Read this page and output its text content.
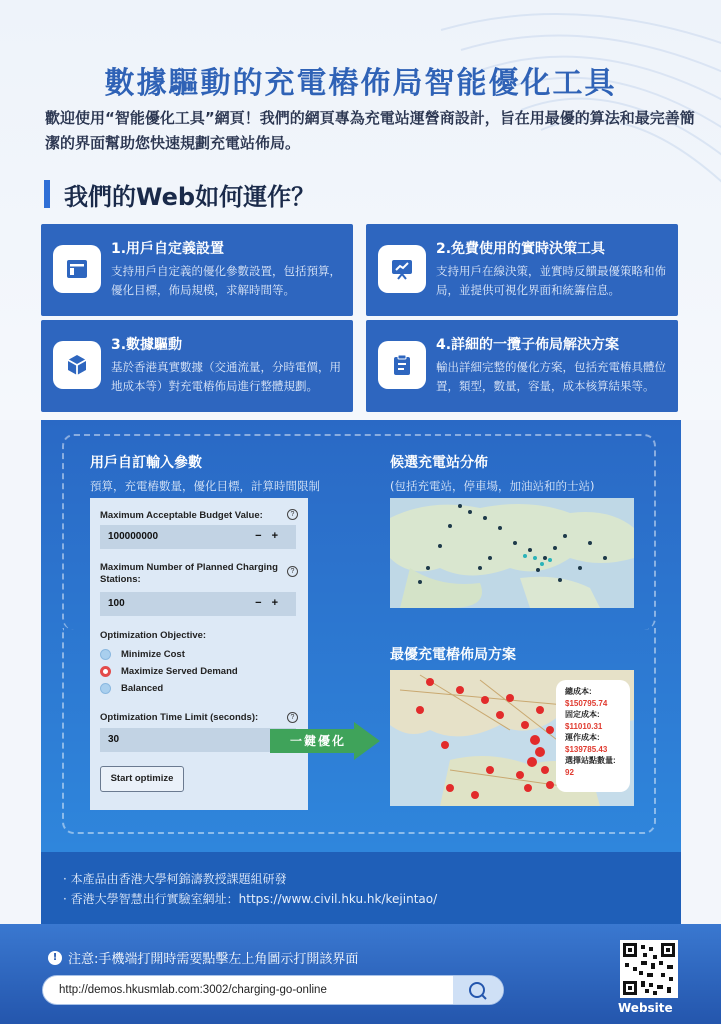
數據驅動的充電樁佈局智能優化工具
歡迎使用“智能優化工具”網頁！我們的網頁專為充電站運營商設計，旨在用最優的算法和最完善簡潔的界面幫助您快速規劃充電站佈局。
我們的Web如何運作？
1.用戶自定義設置
支持用戶自定義的優化參數設置，包括預算，優化目標，佈局規模，求解時間等。
2.免費使用的實時決策工具
支持用戶在線決策，並實時反饋最優策略和佈局，並提供可視化界面和統籌信息。
3.數據驅動
基於香港真實數據（交通流量，分時電價，用地成本等）對充電樁佈局進行整體規劃。
4.詳細的一攬子佈局解決方案
輸出詳細完整的優化方案，包括充電樁具體位置，類型，數量，容量，成本核算結果等。
用戶自訂輸入參數
預算，充電樁數量，優化目標，計算時間限制
候選充電站分佈
(包括充電站，停車場，加油站和的士站)
最優充電樁佈局方案
Maximum Acceptable Budget Value:	?
100000000	−+
Maximum Number of Planned Charging Stations:
?
100	−+
Optimization Objective:
Minimize Cost
Maximize Served Demand
Balanced
Optimization Time Limit (seconds):	?
30
Start optimize
總成本:
$150795.74
固定成本:
$11010.31
運作成本:
$139785.43
選擇站點數量:
92
一鍵優化
· 本產品由香港大學柯錦濤教授課題組研發
· 香港大學智慧出行實驗室網址：https://www.civil.hku.hk/kejintao/
! 注意:手機端打開時需要點擊左上角圖示打開該界面
http://demos.hkusmlab.com:3002/charging-go-online
Website
